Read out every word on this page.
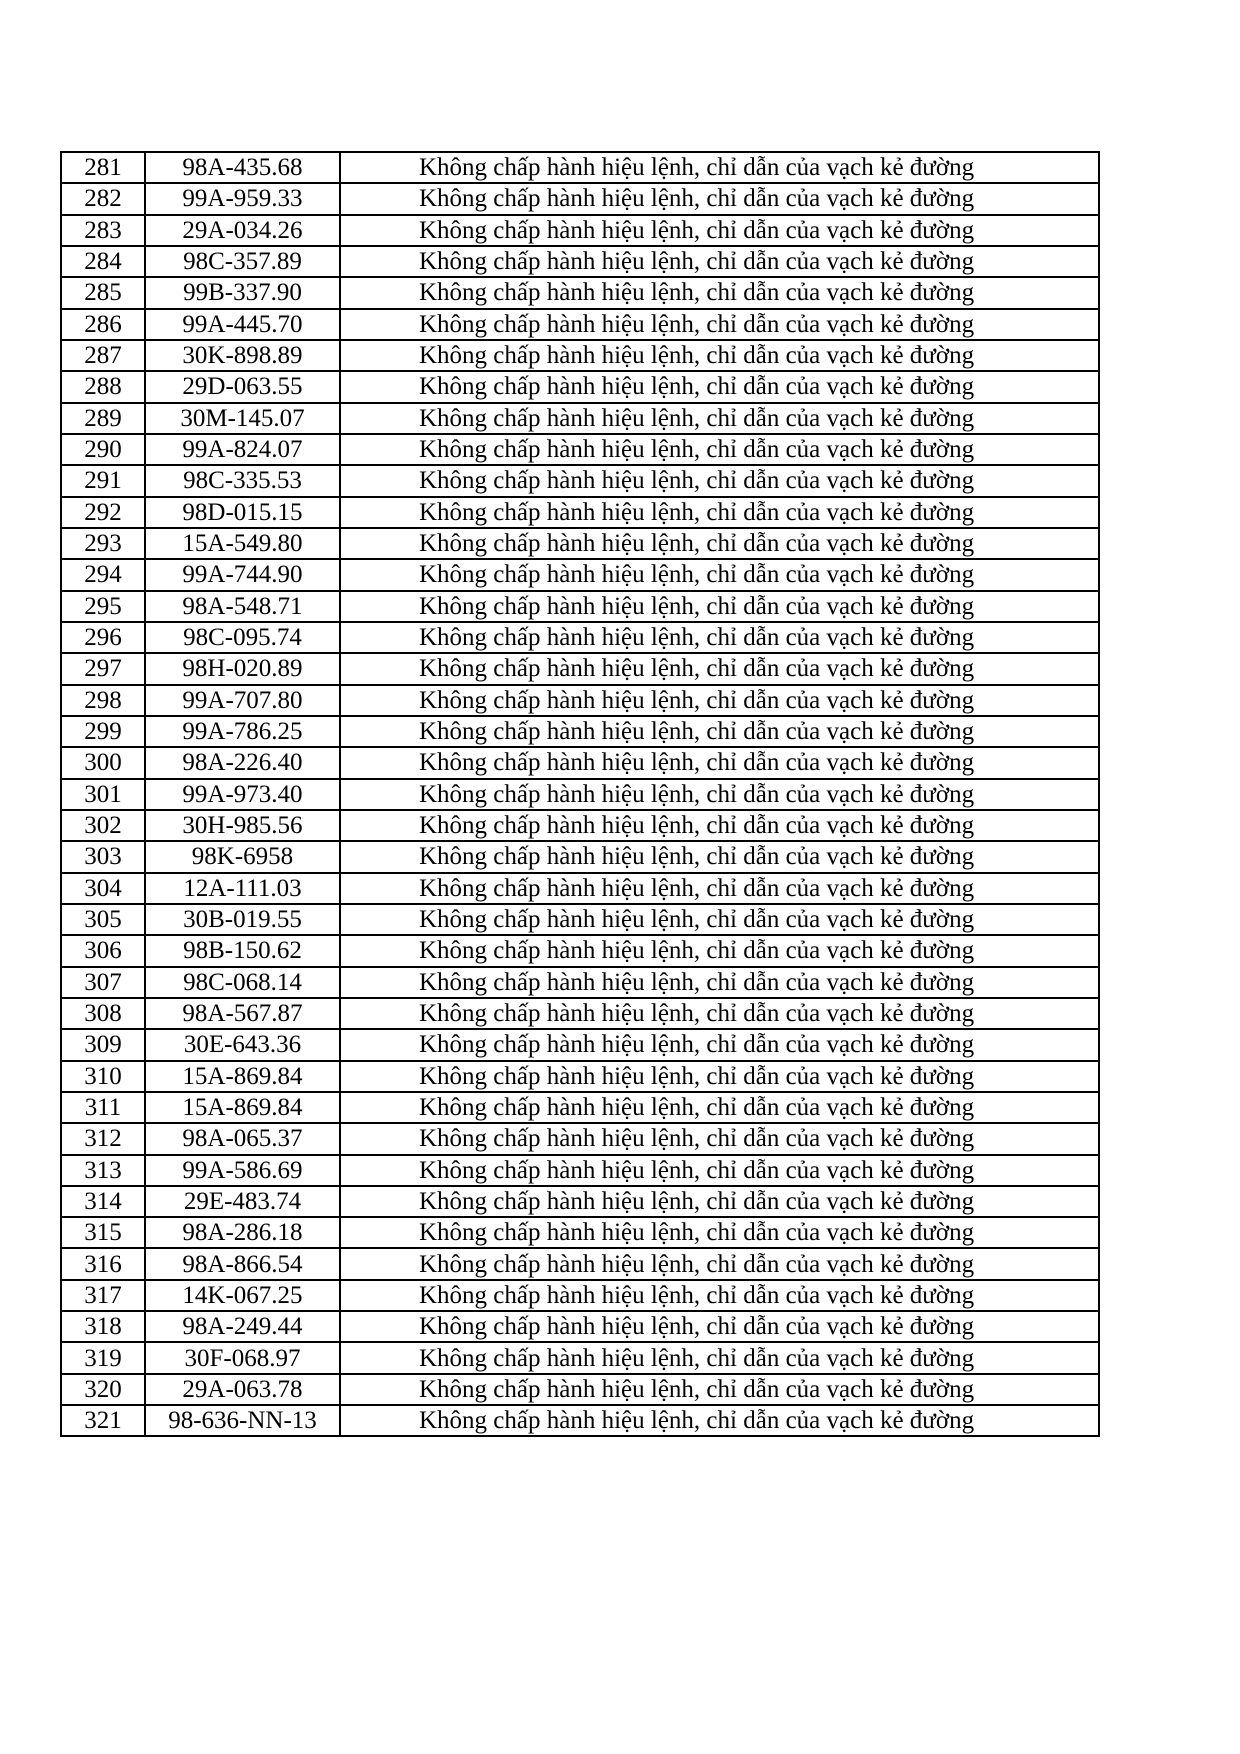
281	98A-435.68	Không chấp hành hiệu lệnh, chỉ dẫn của vạch kẻ đường
282	99A-959.33	Không chấp hành hiệu lệnh, chỉ dẫn của vạch kẻ đường
283	29A-034.26	Không chấp hành hiệu lệnh, chỉ dẫn của vạch kẻ đường
284	98C-357.89	Không chấp hành hiệu lệnh, chỉ dẫn của vạch kẻ đường
285	99B-337.90	Không chấp hành hiệu lệnh, chỉ dẫn của vạch kẻ đường
286	99A-445.70	Không chấp hành hiệu lệnh, chỉ dẫn của vạch kẻ đường
287	30K-898.89	Không chấp hành hiệu lệnh, chỉ dẫn của vạch kẻ đường
288	29D-063.55	Không chấp hành hiệu lệnh, chỉ dẫn của vạch kẻ đường
289	30M-145.07	Không chấp hành hiệu lệnh, chỉ dẫn của vạch kẻ đường
290	99A-824.07	Không chấp hành hiệu lệnh, chỉ dẫn của vạch kẻ đường
291	98C-335.53	Không chấp hành hiệu lệnh, chỉ dẫn của vạch kẻ đường
292	98D-015.15	Không chấp hành hiệu lệnh, chỉ dẫn của vạch kẻ đường
293	15A-549.80	Không chấp hành hiệu lệnh, chỉ dẫn của vạch kẻ đường
294	99A-744.90	Không chấp hành hiệu lệnh, chỉ dẫn của vạch kẻ đường
295	98A-548.71	Không chấp hành hiệu lệnh, chỉ dẫn của vạch kẻ đường
296	98C-095.74	Không chấp hành hiệu lệnh, chỉ dẫn của vạch kẻ đường
297	98H-020.89	Không chấp hành hiệu lệnh, chỉ dẫn của vạch kẻ đường
298	99A-707.80	Không chấp hành hiệu lệnh, chỉ dẫn của vạch kẻ đường
299	99A-786.25	Không chấp hành hiệu lệnh, chỉ dẫn của vạch kẻ đường
300	98A-226.40	Không chấp hành hiệu lệnh, chỉ dẫn của vạch kẻ đường
301	99A-973.40	Không chấp hành hiệu lệnh, chỉ dẫn của vạch kẻ đường
302	30H-985.56	Không chấp hành hiệu lệnh, chỉ dẫn của vạch kẻ đường
303	98K-6958	Không chấp hành hiệu lệnh, chỉ dẫn của vạch kẻ đường
304	12A-111.03	Không chấp hành hiệu lệnh, chỉ dẫn của vạch kẻ đường
305	30B-019.55	Không chấp hành hiệu lệnh, chỉ dẫn của vạch kẻ đường
306	98B-150.62	Không chấp hành hiệu lệnh, chỉ dẫn của vạch kẻ đường
307	98C-068.14	Không chấp hành hiệu lệnh, chỉ dẫn của vạch kẻ đường
308	98A-567.87	Không chấp hành hiệu lệnh, chỉ dẫn của vạch kẻ đường
309	30E-643.36	Không chấp hành hiệu lệnh, chỉ dẫn của vạch kẻ đường
310	15A-869.84	Không chấp hành hiệu lệnh, chỉ dẫn của vạch kẻ đường
311	15A-869.84	Không chấp hành hiệu lệnh, chỉ dẫn của vạch kẻ đường
312	98A-065.37	Không chấp hành hiệu lệnh, chỉ dẫn của vạch kẻ đường
313	99A-586.69	Không chấp hành hiệu lệnh, chỉ dẫn của vạch kẻ đường
314	29E-483.74	Không chấp hành hiệu lệnh, chỉ dẫn của vạch kẻ đường
315	98A-286.18	Không chấp hành hiệu lệnh, chỉ dẫn của vạch kẻ đường
316	98A-866.54	Không chấp hành hiệu lệnh, chỉ dẫn của vạch kẻ đường
317	14K-067.25	Không chấp hành hiệu lệnh, chỉ dẫn của vạch kẻ đường
318	98A-249.44	Không chấp hành hiệu lệnh, chỉ dẫn của vạch kẻ đường
319	30F-068.97	Không chấp hành hiệu lệnh, chỉ dẫn của vạch kẻ đường
320	29A-063.78	Không chấp hành hiệu lệnh, chỉ dẫn của vạch kẻ đường
321	98-636-NN-13	Không chấp hành hiệu lệnh, chỉ dẫn của vạch kẻ đường
